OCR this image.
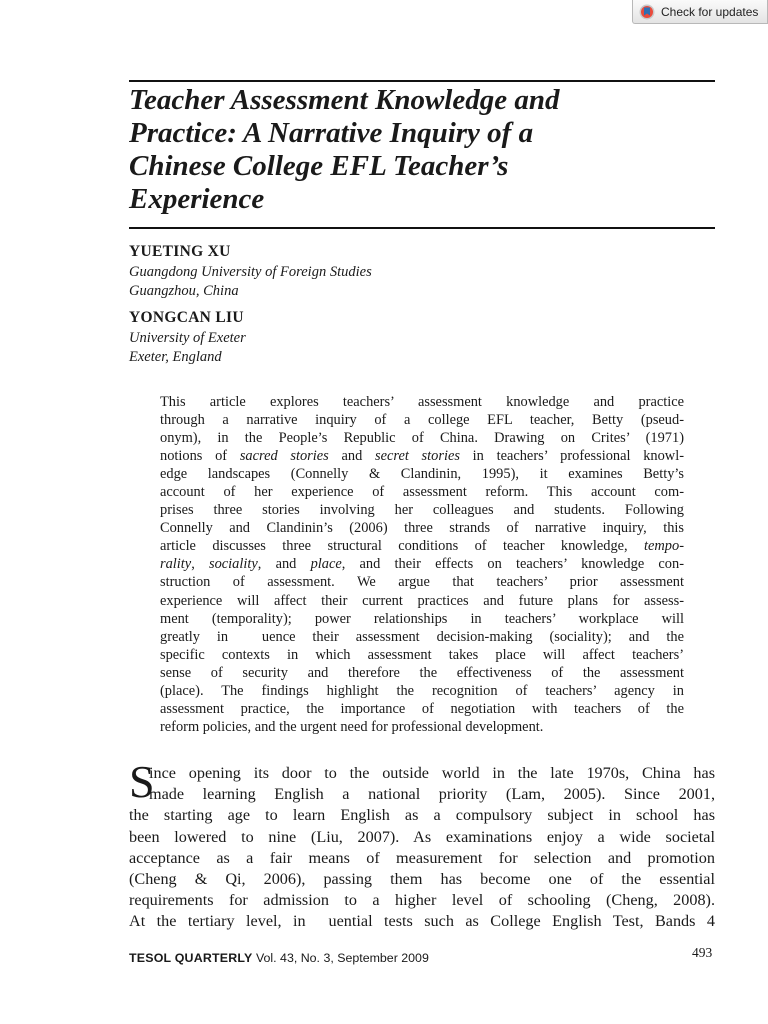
Check for updates
Teacher Assessment Knowledge and
Practice: A Narrative Inquiry of a
Chinese College EFL Teacher’s
Experience

YUETING XU

Guangdong University of Foreign Studies
Guangzhou, China

YONGCAN LIU

University of Exeter
Exeter, England

This article explores teachers’ assessment knowledge and practice
through a narrative inquiry of a college EFL teacher, Betty (pseud-
onym), in the People’s Republic of China. Drawing on Crites’ (1971)
notions of sacred stories and secret stories in teachers’ professional knowl-
edge landscapes (Connelly & Clandinin, 1995), it examines Betty’s
account of her experience of assessment reform. This account com-
prises three stories involving her colleagues and students. Following
Connelly and Clandinin’s (2006) three strands of narrative inquiry, this
article discusses three structural conditions of teacher knowledge, tempo-
rality, sociality, and place, and their effects on teachers’ knowledge con-
struction of assessment. We argue that teachers’ prior assessment
experience will affect their current practices and future plans for assess-
ment (temporality); power relationships in teachers’ workplace will
greatly in  uence their assessment decision-making (sociality); and the
specific contexts in which assessment takes place will affect teachers’
sense of security and therefore the effectiveness of the assessment
(place). The findings highlight the recognition of teachers’ agency in
assessment practice, the importance of negotiation with teachers of the
reform policies, and the urgent need for professional development.

S

ince opening its door to the outside world in the late 1970s, China has
made learning English a national priority (Lam, 2005). Since 2001,
the starting age to learn English as a compulsory subject in school has
been lowered to nine (Liu, 2007). As examinations enjoy a wide societal
acceptance as a fair means of measurement for selection and promotion
(Cheng & Qi, 2006), passing them has become one of the essential
requirements for admission to a higher level of schooling (Cheng, 2008).
At the tertiary level, in  uential tests such as College English Test, Bands 4

TESOL QUARTERLY Vol. 43, No. 3, September 2009	493
